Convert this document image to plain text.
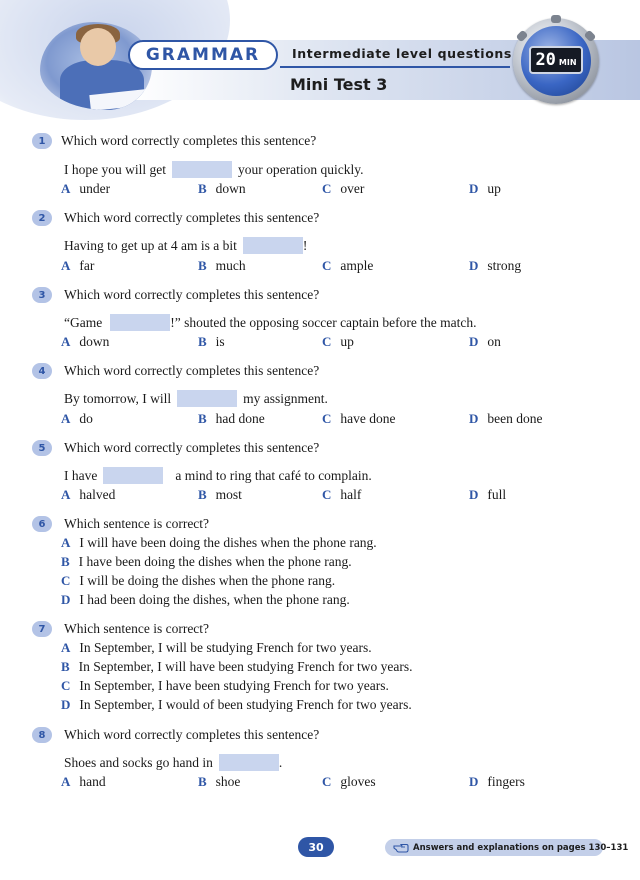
GRAMMAR	Intermediate level questions
Mini Test 3
20 MIN
1	Which word correctly completes this sentence?
I hope you will get	your operation quickly.
A under	B down	C over	D up
2	Which word correctly completes this sentence?
Having to get up at 4 am is a bit	!
A far	B much	C ample	D strong
3	Which word correctly completes this sentence?
“Game	!” shouted the opposing soccer captain before the match.
A down	B is	C up	D on
4	Which word correctly completes this sentence?
By tomorrow, I will	my assignment.
A do	B had done	C have done	D been done
5	Which word correctly completes this sentence?
I have	a mind to ring that café to complain.
A halved	B most	C half	D full
6	Which sentence is correct?
A I will have been doing the dishes when the phone rang.
B I have been doing the dishes when the phone rang.
C I will be doing the dishes when the phone rang.
D I had been doing the dishes, when the phone rang.
7	Which sentence is correct?
A In September, I will be studying French for two years.
B In September, I will have been studying French for two years.
C In September, I have been studying French for two years.
D In September, I would of been studying French for two years.
8	Which word correctly completes this sentence?
Shoes and socks go hand in	.
A hand	B shoe	C gloves	D fingers
30	Answers and explanations on pages 130–131
